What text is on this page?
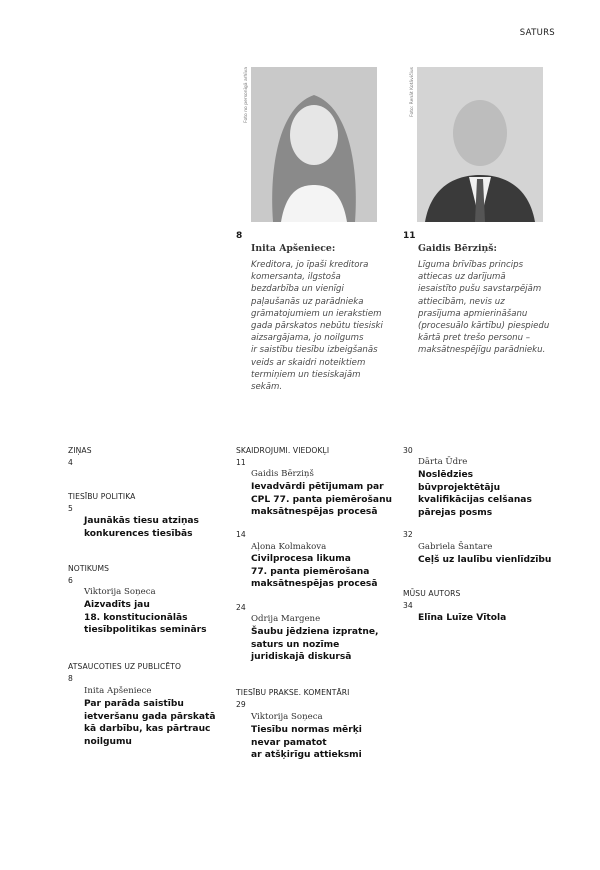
SATURS
Foto no personīgā arhīva
8
Inita Apšeniece:
Kreditora, jo īpaši kreditora
komersanta, ilgstoša
bezdarbība un vienīgi
paļaušanās uz parādnieka
grāmatojumiem un ierakstiem
gada pārskatos nebūtu tiesiski
aizsargājama, jo noilgums
ir saistību tiesību izbeigšanās
veids ar skaidri noteiktiem
termiņiem un tiesiskajām
sekām.
Foto: Renāt Kotāvičius
11
Gaidis Bērziņš:
Līguma brīvības princips
attiecas uz darījumā
iesaistīto pušu savstarpējām
attiecībām, nevis uz
prasījuma apmierināšanu
(procesuālo kārtību) piespiedu
kārtā pret trešo personu –
maksātnespējīgu parādnieku.
ZIŅAS
4
TIESĪBU POLITIKA
5
Jaunākās tiesu atziņas
konkurences tiesībās
NOTIKUMS
6
Viktorija Soņeca
Aizvadīts jau
18. konstitucionālās
tiesībpolitikas seminārs
ATSAUCOTIES UZ PUBLICĒTO
8
Inita Apšeniece
Par parāda saistību
ietveršanu gada pārskatā
kā darbību, kas pārtrauc
noilgumu
SKAIDROJUMI. VIEDOKĻI
11
Gaidis Bērziņš
Ievadvārdi pētījumam par
CPL 77. panta piemērošanu
maksātnespējas procesā
14
Aļona Kolmakova
Civilprocesa likuma
77. panta piemērošana
maksātnespējas procesā
24
Odrija Margene
Šaubu jēdziena izpratne,
saturs un nozīme
juridiskajā diskursā
TIESĪBU PRAKSE. KOMENTĀRI
29
Viktorija Soņeca
Tiesību normas mērķi
nevar pamatot
ar atšķirīgu attieksmi
30
Dārta Ūdre
Noslēdzies
būvprojektētāju
kvalifikācijas celšanas
pārejas posms
32
Gabriela Šantare
Ceļš uz laulību vienlīdzību
MŪSU AUTORS
34
Elīna Luīze Vītola
